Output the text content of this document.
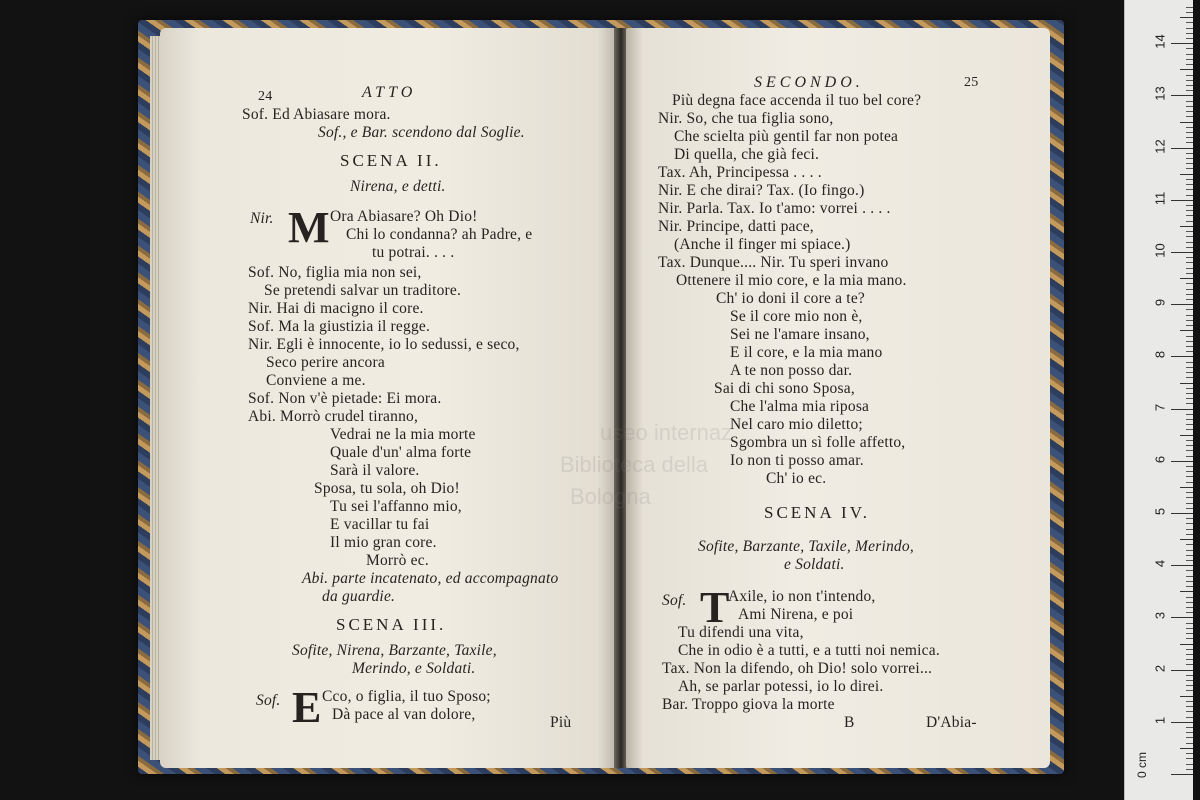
24	ATTO
Sof. Ed Abiasare mora.
Sof., e Bar. scendono dal Soglie.
SCENA II.
Nirena, e detti.
Nir. M Ora Abiasare? Oh Dio!
Chi lo condanna? ah Padre, e
tu potrai. . . .
Sof. No, figlia mia non sei,
Se pretendi salvar un traditore.
Nir. Hai di macigno il core.
Sof. Ma la giustizia il regge.
Nir. Egli è innocente, io lo sedussi, e seco,
Seco perire ancora
Conviene a me.
Sof. Non v'è pietade: Ei mora.
Abi. Morrò crudel tiranno,
Vedrai ne la mia morte
Quale d'un' alma forte
Sarà il valore.
Sposa, tu sola, oh Dio!
Tu sei l'affanno mio,
E vacillar tu fai
Il mio gran core.
Morrò ec.
Abi. parte incatenato, ed accompagnato
da guardie.
SCENA III.
Sofite, Nirena, Barzante, Taxile,
Merindo, e Soldati.
Sof. E Cco, o figlia, il tuo Sposo;
Dà pace al van dolore,	Più
SECONDO.	25
Più degna face accenda il tuo bel core?
Nir. So, che tua figlia sono,
Che scielta più gentil far non potea
Di quella, che già feci.
Tax. Ah, Principessa . . . .
Nir. E che dirai? Tax. (Io fingo.)
Nir. Parla. Tax. Io t'amo: vorrei . . . .
Nir. Principe, datti pace,
(Anche il finger mi spiace.)
Tax. Dunque.... Nir. Tu speri invano
Ottenere il mio core, e la mia mano.
Ch' io doni il core a te?
Se il core mio non è,
Sei ne l'amare insano,
E il core, e la mia mano
A te non posso dar.
Sai di chi sono Sposa,
Che l'alma mia riposa
Nel caro mio diletto;
Sgombra un sì folle affetto,
Io non ti posso amar.
Ch' io ec.
SCENA IV.
Sofite, Barzante, Taxile, Merindo,
e Soldati.
Sof. T
Axile, io non t'intendo,
Ami Nirena, e poi
Tu difendi una vita,
Che in odio è a tutti, e a tutti noi nemica.
Tax. Non la difendo, oh Dio! solo vorrei...
Ah, se parlar potessi, io lo direi.
Bar. Troppo giova la morte
B	D'Abia-
useo internaz
Biblioteca della
Bologna
0 cm
1
2
3
4
5
6
7
8
9
10
11
12
13
14
